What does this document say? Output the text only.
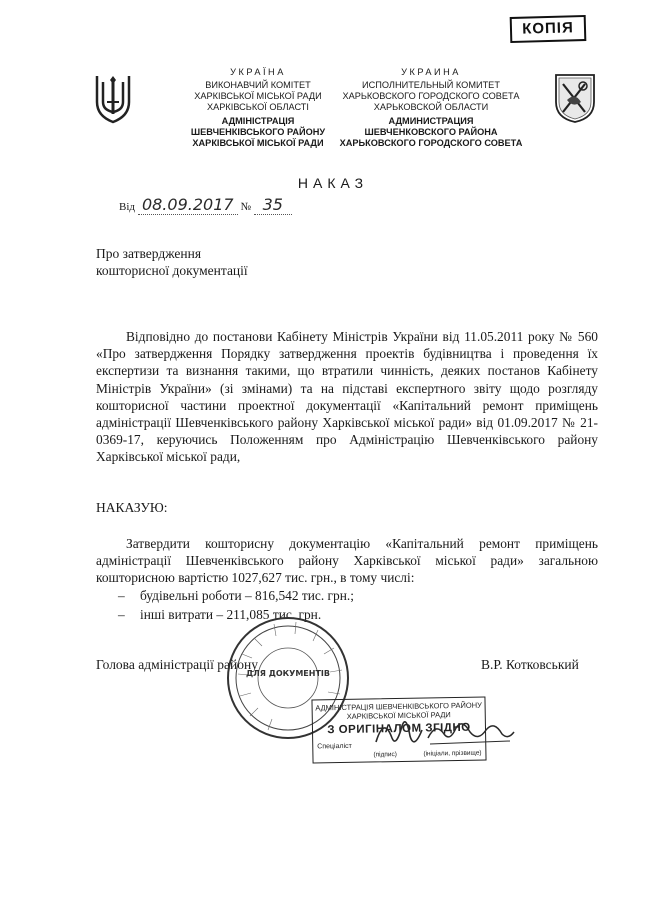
КОПІЯ
УКРАЇНА
ВИКОНАВЧИЙ КОМІТЕТ
ХАРКІВСЬКОЇ МІСЬКОЇ РАДИ
ХАРКІВСЬКОЇ ОБЛАСТІ
АДМІНІСТРАЦІЯ
ШЕВЧЕНКІВСЬКОГО РАЙОНУ
ХАРКІВСЬКОЇ МІСЬКОЇ РАДИ
УКРАИНА
ИСПОЛНИТЕЛЬНЫЙ КОМИТЕТ
ХАРЬКОВСКОГО ГОРОДСКОГО СОВЕТА
ХАРЬКОВСКОЙ ОБЛАСТИ
АДМИНИСТРАЦИЯ
ШЕВЧЕНКОВСКОГО РАЙОНА
ХАРЬКОВСКОГО ГОРОДСКОГО СОВЕТА
НАКАЗ
Від 08.09.2017 № 35
Про затвердження
кошторисної документації
Відповідно до постанови Кабінету Міністрів України від 11.05.2011 року № 560 «Про затвердження Порядку затвердження проектів будівництва і проведення їх експертизи та визнання такими, що втратили чинність, деяких постанов Кабінету Міністрів України» (зі змінами) та на підставі експертного звіту щодо розгляду кошторисної частини проектної документації «Капітальний ремонт приміщень адміністрації Шевченківського району Харківської міської ради» від 01.09.2017 № 21-0369-17, керуючись Положенням про Адміністрацію Шевченківського району Харківської міської ради,
НАКАЗУЮ:
Затвердити кошторисну документацію «Капітальний ремонт приміщень адміністрації Шевченківського району Харківської міської ради» загальною кошторисною вартістю 1027,627 тис. грн., в тому числі:
– будівельні роботи – 816,542 тис. грн.;
– інші витрати – 211,085 тис. грн.
Голова адміністрації району	В.Р. Котковський
ДЛЯ ДОКУМЕНТІВ
АДМІНІСТРАЦІЯ ШЕВЧЕНКІВСЬКОГО РАЙОНУ
ХАРКІВСЬКОЇ МІСЬКОЇ РАДИ
З ОРИГІНАЛОМ ЗГІДНО
Спеціаліст
(підпис)	(ініціали, прізвище)
